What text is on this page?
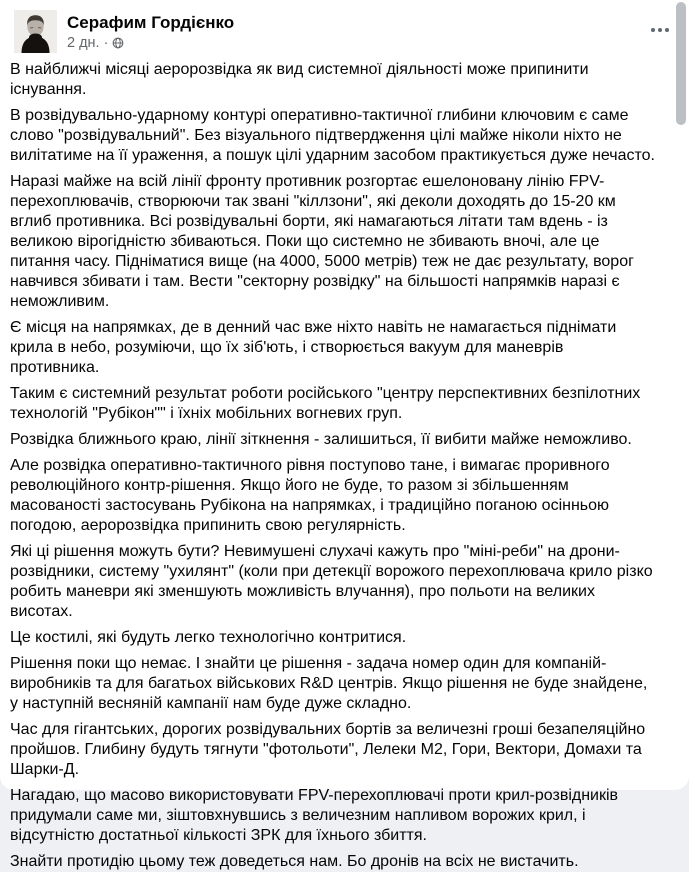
Серафим Гордієнко
2 дн. ·

В найближчі місяці аеророзвідка як вид системної діяльності може припинити існування.

В розвідувально-ударному контурі оперативно-тактичної глибини ключовим є саме слово "розвідувальний". Без візуального підтвердження цілі майже ніколи ніхто не вилітатиме на її ураження, а пошук цілі ударним засобом практикується дуже нечасто.

Наразі майже на всій лінії фронту противник розгортає ешелоновану лінію FPV-перехоплювачів, створюючи так звані "кіллзони", які деколи доходять до 15-20 км вглиб противника. Всі розвідувальні борти, які намагаються літати там вдень - із великою вірогідністю збиваються. Поки що системно не збивають вночі, але це питання часу. Підніматися вище (на 4000, 5000 метрів) теж не дає результату, ворог навчився збивати і там. Вести "секторну розвідку" на більшості напрямків наразі є неможливим.

Є місця на напрямках, де в денний час вже ніхто навіть не намагається піднімати крила в небо, розуміючи, що їх зіб'ють, і створюється вакуум для маневрів противника.

Таким є системний результат роботи російського "центру перспективних безпілотних технологій "Рубікон"" і їхніх мобільних вогневих груп.

Розвідка ближнього краю, лінії зіткнення - залишиться, її вибити майже неможливо.

Але розвідка оперативно-тактичного рівня поступово тане, і вимагає проривного революційного контр-рішення. Якщо його не буде, то разом зі збільшенням масованості застосувань Рубікона на напрямках, і традиційно поганою осінньою погодою, аеророзвідка припинить свою регулярність.

Які ці рішення можуть бути? Невимушені слухачі кажуть про "міні-реби" на дрони-розвідники, систему "ухилянт" (коли при детекції ворожого перехоплювача крило різко робить маневри які зменшують можливість влучання), про польоти на великих висотах.

Це костилі, які будуть легко технологічно контритися.

Рішення поки що немає. І знайти це рішення - задача номер один для компаній-виробників та для багатьох військових R&D центрів. Якщо рішення не буде знайдене, у наступній весняній кампанії нам буде дуже складно.

Час для гігантських, дорогих розвідувальних бортів за величезні гроші безапеляційно пройшов. Глибину будуть тягнути "фотольоти", Лелеки М2, Гори, Вектори, Домахи та Шарки-Д.

Нагадаю, що масово використовувати FPV-перехоплювачі проти крил-розвідників придумали саме ми, зіштовхнувшись з величезним напливом ворожих крил, і відсутністю достатньої кількості ЗРК для їхнього збиття.

Знайти протидію цьому теж доведеться нам. Бо дронів на всіх не вистачить.
